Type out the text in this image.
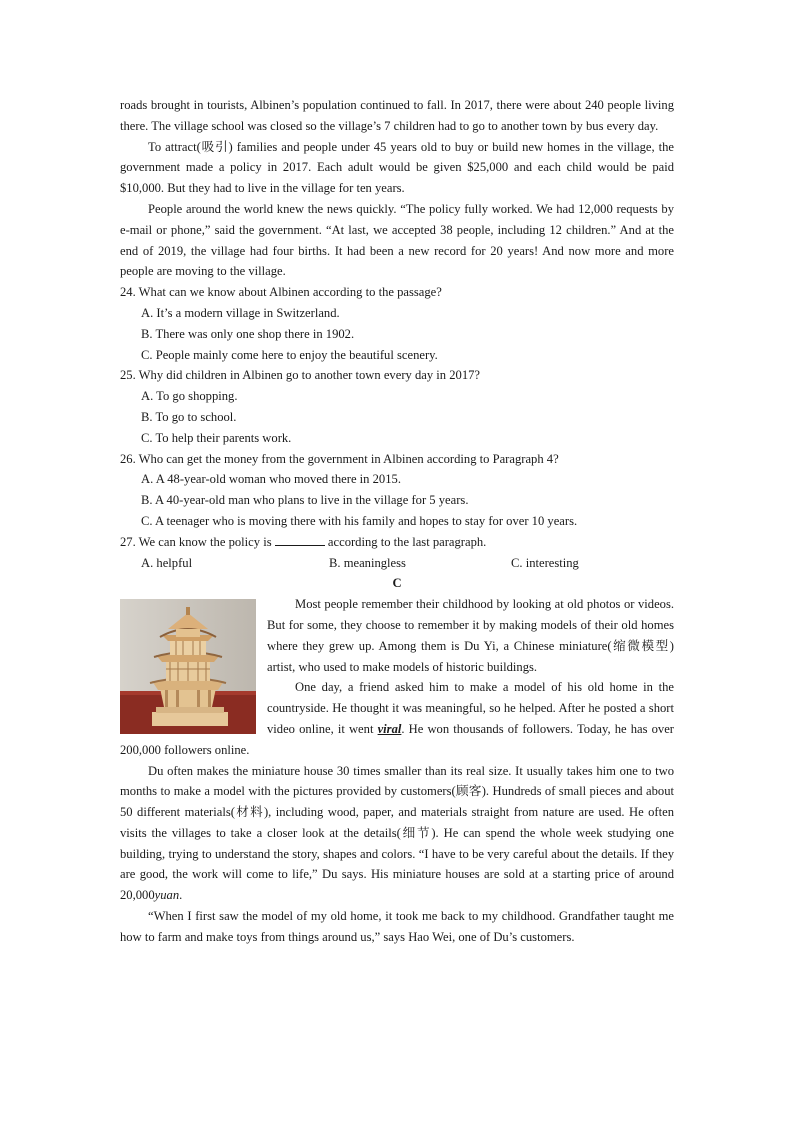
roads brought in tourists, Albinen’s population continued to fall. In 2017, there were about 240 people living there. The village school was closed so the village’s 7 children had to go to another town by bus every day.

To attract(吸引) families and people under 45 years old to buy or build new homes in the village, the government made a policy in 2017. Each adult would be given $25,000 and each child would be paid $10,000. But they had to live in the village for ten years.

People around the world knew the news quickly. “The policy fully worked. We had 12,000 requests by e-mail or phone,” said the government. “At last, we accepted 38 people, including 12 children.” And at the end of 2019, the village had four births. It had been a new record for 20 years! And now more and more people are moving to the village.

24. What can we know about Albinen according to the passage?

A. It’s a modern village in Switzerland.

B. There was only one shop there in 1902.

C. People mainly come here to enjoy the beautiful scenery.

25. Why did children in Albinen go to another town every day in 2017?

A. To go shopping.

B. To go to school.

C. To help their parents work.

26. Who can get the money from the government in Albinen according to Paragraph 4?

A. A 48-year-old woman who moved there in 2015.

B. A 40-year-old man who plans to live in the village for 5 years.

C. A teenager who is moving there with his family and hopes to stay for over 10 years.

27. We can know the policy is	according to the last paragraph.

A. helpful	B. meaningless	C. interesting

C

Most people remember their childhood by looking at old photos or videos. But for some, they choose to remember it by making models of their old homes where they grew up. Among them is Du Yi, a Chinese miniature(缩微模型) artist, who used to make models of historic buildings.

One day, a friend asked him to make a model of his old home in the countryside. He thought it was meaningful, so he helped. After he posted a short video online, it went viral. He won thousands of followers. Today, he has over 200,000 followers online.

Du often makes the miniature house 30 times smaller than its real size. It usually takes him one to two months to make a model with the pictures provided by customers(顾客). Hundreds of small pieces and about 50 different materials(材料), including wood, paper, and materials straight from nature are used. He often visits the villages to take a closer look at the details(细节). He can spend the whole week studying one building, trying to understand the story, shapes and colors. “I have to be very careful about the details. If they are good, the work will come to life,” Du says. His miniature houses are sold at a starting price of around 20,000yuan.

“When I first saw the model of my old home, it took me back to my childhood. Grandfather taught me how to farm and make toys from things around us,” says Hao Wei, one of Du’s customers.
